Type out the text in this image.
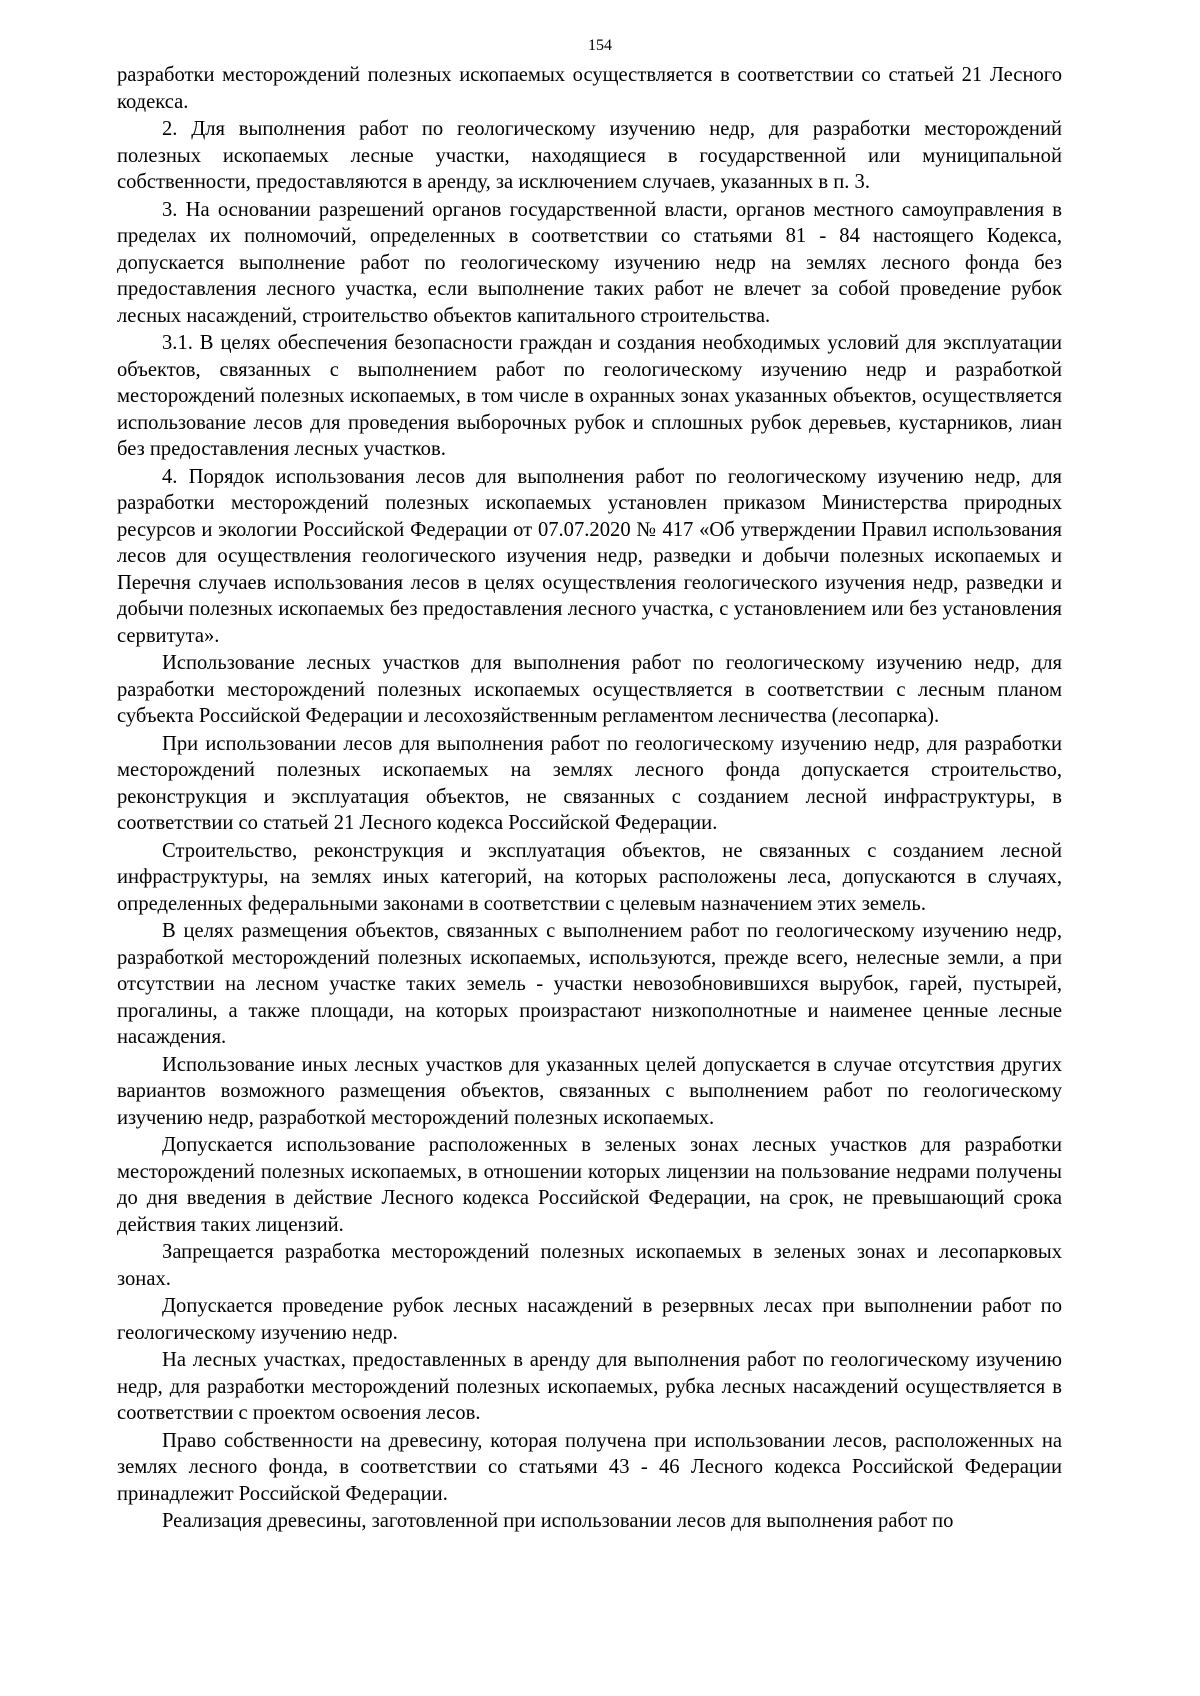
154

разработки месторождений полезных ископаемых осуществляется в соответствии со статьей 21 Лесного кодекса.

2. Для выполнения работ по геологическому изучению недр, для разработки месторождений полезных ископаемых лесные участки, находящиеся в государственной или муниципальной собственности, предоставляются в аренду, за исключением случаев, указанных в п. 3.

3. На основании разрешений органов государственной власти, органов местного самоуправления в пределах их полномочий, определенных в соответствии со статьями 81 - 84 настоящего Кодекса, допускается выполнение работ по геологическому изучению недр на землях лесного фонда без предоставления лесного участка, если выполнение таких работ не влечет за собой проведение рубок лесных насаждений, строительство объектов капитального строительства.

3.1. В целях обеспечения безопасности граждан и создания необходимых условий для эксплуатации объектов, связанных с выполнением работ по геологическому изучению недр и разработкой месторождений полезных ископаемых, в том числе в охранных зонах указанных объектов, осуществляется использование лесов для проведения выборочных рубок и сплошных рубок деревьев, кустарников, лиан без предоставления лесных участков.

4. Порядок использования лесов для выполнения работ по геологическому изучению недр, для разработки месторождений полезных ископаемых установлен приказом Министерства природных ресурсов и экологии Российской Федерации от 07.07.2020 № 417 «Об утверждении Правил использования лесов для осуществления геологического изучения недр, разведки и добычи полезных ископаемых и Перечня случаев использования лесов в целях осуществления геологического изучения недр, разведки и добычи полезных ископаемых без предоставления лесного участка, с установлением или без установления сервитута».

Использование лесных участков для выполнения работ по геологическому изучению недр, для разработки месторождений полезных ископаемых осуществляется в соответствии с лесным планом субъекта Российской Федерации и лесохозяйственным регламентом лесничества (лесопарка).

При использовании лесов для выполнения работ по геологическому изучению недр, для разработки месторождений полезных ископаемых на землях лесного фонда допускается строительство, реконструкция и эксплуатация объектов, не связанных с созданием лесной инфраструктуры, в соответствии со статьей 21 Лесного кодекса Российской Федерации.

Строительство, реконструкция и эксплуатация объектов, не связанных с созданием лесной инфраструктуры, на землях иных категорий, на которых расположены леса, допускаются в случаях, определенных федеральными законами в соответствии с целевым назначением этих земель.

В целях размещения объектов, связанных с выполнением работ по геологическому изучению недр, разработкой месторождений полезных ископаемых, используются, прежде всего, нелесные земли, а при отсутствии на лесном участке таких земель - участки невозобновившихся вырубок, гарей, пустырей, прогалины, а также площади, на которых произрастают низкополнотные и наименее ценные лесные насаждения.

Использование иных лесных участков для указанных целей допускается в случае отсутствия других вариантов возможного размещения объектов, связанных с выполнением работ по геологическому изучению недр, разработкой месторождений полезных ископаемых.

Допускается использование расположенных в зеленых зонах лесных участков для разработки месторождений полезных ископаемых, в отношении которых лицензии на пользование недрами получены до дня введения в действие Лесного кодекса Российской Федерации, на срок, не превышающий срока действия таких лицензий.

Запрещается разработка месторождений полезных ископаемых в зеленых зонах и лесопарковых зонах.

Допускается проведение рубок лесных насаждений в резервных лесах при выполнении работ по геологическому изучению недр.

На лесных участках, предоставленных в аренду для выполнения работ по геологическому изучению недр, для разработки месторождений полезных ископаемых, рубка лесных насаждений осуществляется в соответствии с проектом освоения лесов.

Право собственности на древесину, которая получена при использовании лесов, расположенных на землях лесного фонда, в соответствии со статьями 43 - 46 Лесного кодекса Российской Федерации принадлежит Российской Федерации.

Реализация древесины, заготовленной при использовании лесов для выполнения работ по
